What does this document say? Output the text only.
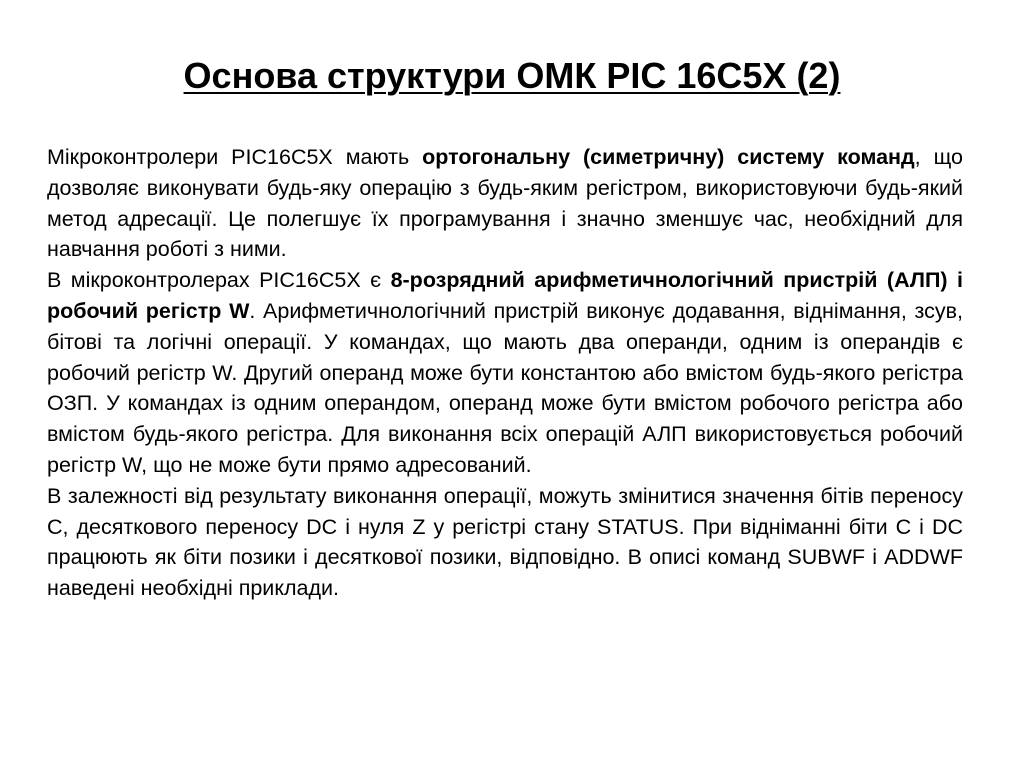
Основа структури ОМК PIC 16C5X (2)

Мікроконтролери PIC16C5X мають ортогональну (симетричну) систему команд, що дозволяє виконувати будь-яку операцію з будь-яким регістром, використовуючи будь-який метод адресації. Це полегшує їх програмування і значно зменшує час, необхідний для навчання роботі з ними.

В мікроконтролерах PIC16C5X є 8-розрядний арифметичнологічний пристрій (АЛП) і робочий регістр W. Арифметичнологічний пристрій виконує додавання, віднімання, зсув, бітові та логічні операції. У командах, що мають два операнди, одним із операндів є робочий регістр W. Другий операнд може бути константою або вмістом будь-якого регістра ОЗП. У командах із одним операндом, операнд може бути вмістом робочого регістра або вмістом будь-якого регістра. Для виконання всіх операцій АЛП використовується робочий регістр W, що не може бути прямо адресований.

В залежності від результату виконання операції, можуть змінитися значення бітів переносу С, десяткового переносу DC і нуля Z у регістрі стану STATUS. При відніманні біти С і DC працюють як біти позики і десяткової позики, відповідно. В описі команд SUBWF і ADDWF наведені необхідні приклади.
